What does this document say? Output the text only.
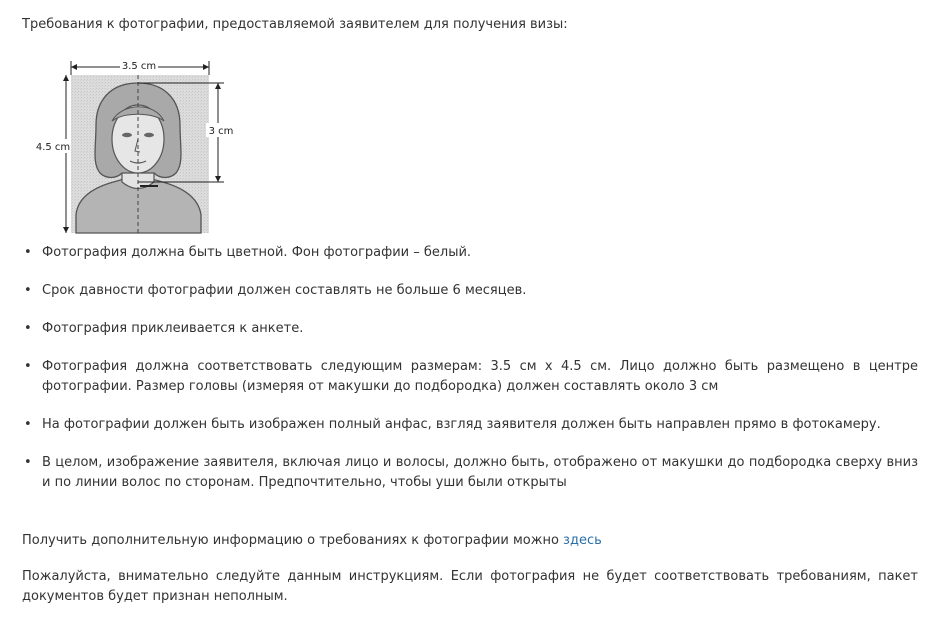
Требования к фотографии, предоставляемой заявителем для получения визы:

3.5 cm
4.5 cm
3 cm
• Фотография должна быть цветной. Фон фотографии – белый.
• Срок давности фотографии должен составлять не больше 6 месяцев.
• Фотография приклеивается к анкете.
• Фотография должна соответствовать следующим размерам: 3.5 см x 4.5 см. Лицо должно быть размещено в центре фотографии. Размер головы (измеряя от макушки до подбородка) должен составлять около 3 см
• На фотографии должен быть изображен полный анфас, взгляд заявителя должен быть направлен прямо в фотокамеру.
• В целом, изображение заявителя, включая лицо и волосы, должно быть, отображено от макушки до подбородка сверху вниз и по линии волос по сторонам. Предпочтительно, чтобы уши были открыты

Получить дополнительную информацию о требованиях к фотографии можно здесь

Пожалуйста, внимательно следуйте данным инструкциям. Если фотография не будет соответствовать требованиям, пакет документов будет признан неполным.
